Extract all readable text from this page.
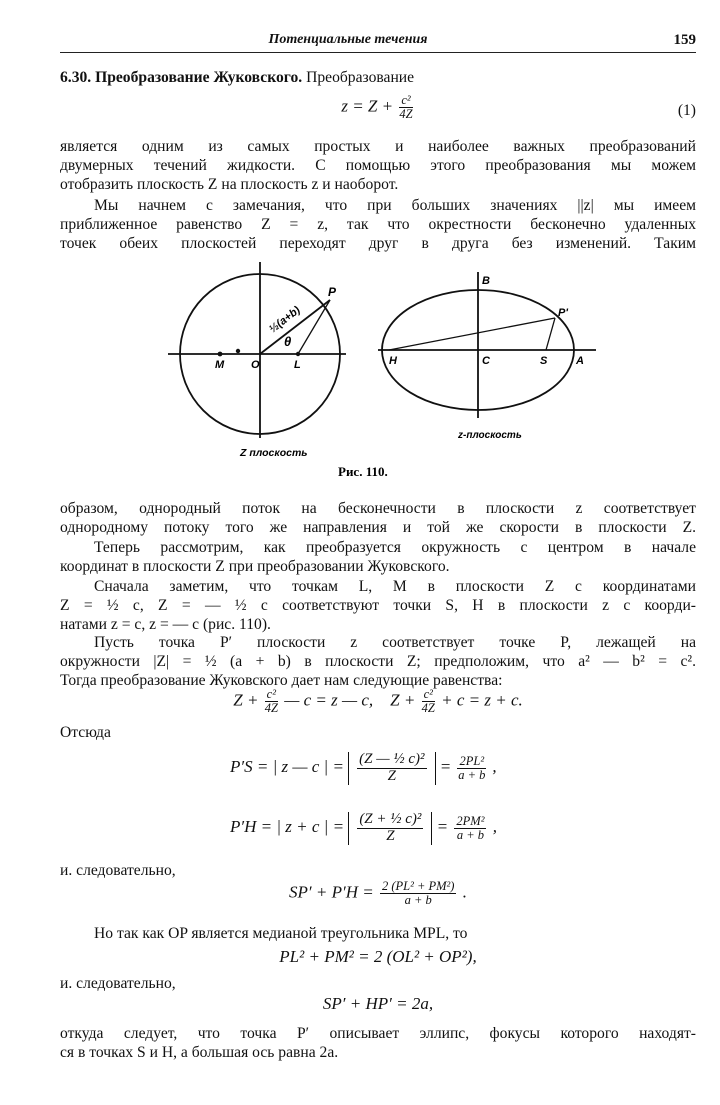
Потенциальные течения	159
6.30. Преобразование Жуковского. Преобразование
$z = Z + \frac{\text{c²}}{4Z}$	(1)
является одним из самых простых и наиболее важных преобразований
двумерных течений жидкости. С помощью этого преобразования мы можем
отобразить плоскость Z на плоскость z и наоборот.
Мы начнем с замечания, что при больших значениях ||z| мы имеем
приближенное равенство Z = z, так что окрестности бесконечно удаленных
точек обеих плоскостей переходят друг в друга без изменений. Таким
½(a+b)
P
θ
M O	L
Z плоскость
B
P'
H	C	S	A
z-плоскость
Рис. 110.
образом, однородный поток на бесконечности в плоскости z соответствует
однородному потоку того же направления и той же скорости в плоскости Z.
Теперь рассмотрим, как преобразуется окружность с центром в начале
координат в плоскости Z при преобразовании Жуковского.
Сначала заметим, что точкам L, M в плоскости Z с координатами
Z = ½ c, Z = — ½ c соответствуют точки S, H в плоскости z с коорди-
натами z = c, z = — c (рис. 110).
Пусть точка P′ плоскости z соответствует точке P, лежащей на
окружности |Z| = ½ (a + b) в плоскости Z; предположим, что a² — b² = c².
Тогда преобразование Жуковского дает нам следующие равенства:
$Z + \frac{\text{c²}}{4Z}$ — c = z — c, $Z + \frac{\text{c²}}{4Z} + c = z + c$.
Отсюда
P′S = | z — c | = $\frac{\text{(Z — ½ c)²}}{Z} = \frac{\text{2PL²}}{a + b}$ ,
P′H = | z + c | = $\frac{\text{(Z + ½ c)²}}{Z} = \frac{\text{2PM²}}{a + b}$ ,
и. следовательно,
$SP' + P'H = \frac{\text{2 (PL² + PM²)}}{a + b}$ .
Но так как OP является медианой треугольника MPL, то
PL² + PM² = 2 (OL² + OP²),
и. следовательно,
SP′ + HP′ = 2a,
откуда следует, что точка P′ описывает эллипс, фокусы которого находят-
ся в точках S и H, а большая ось равна 2a.
